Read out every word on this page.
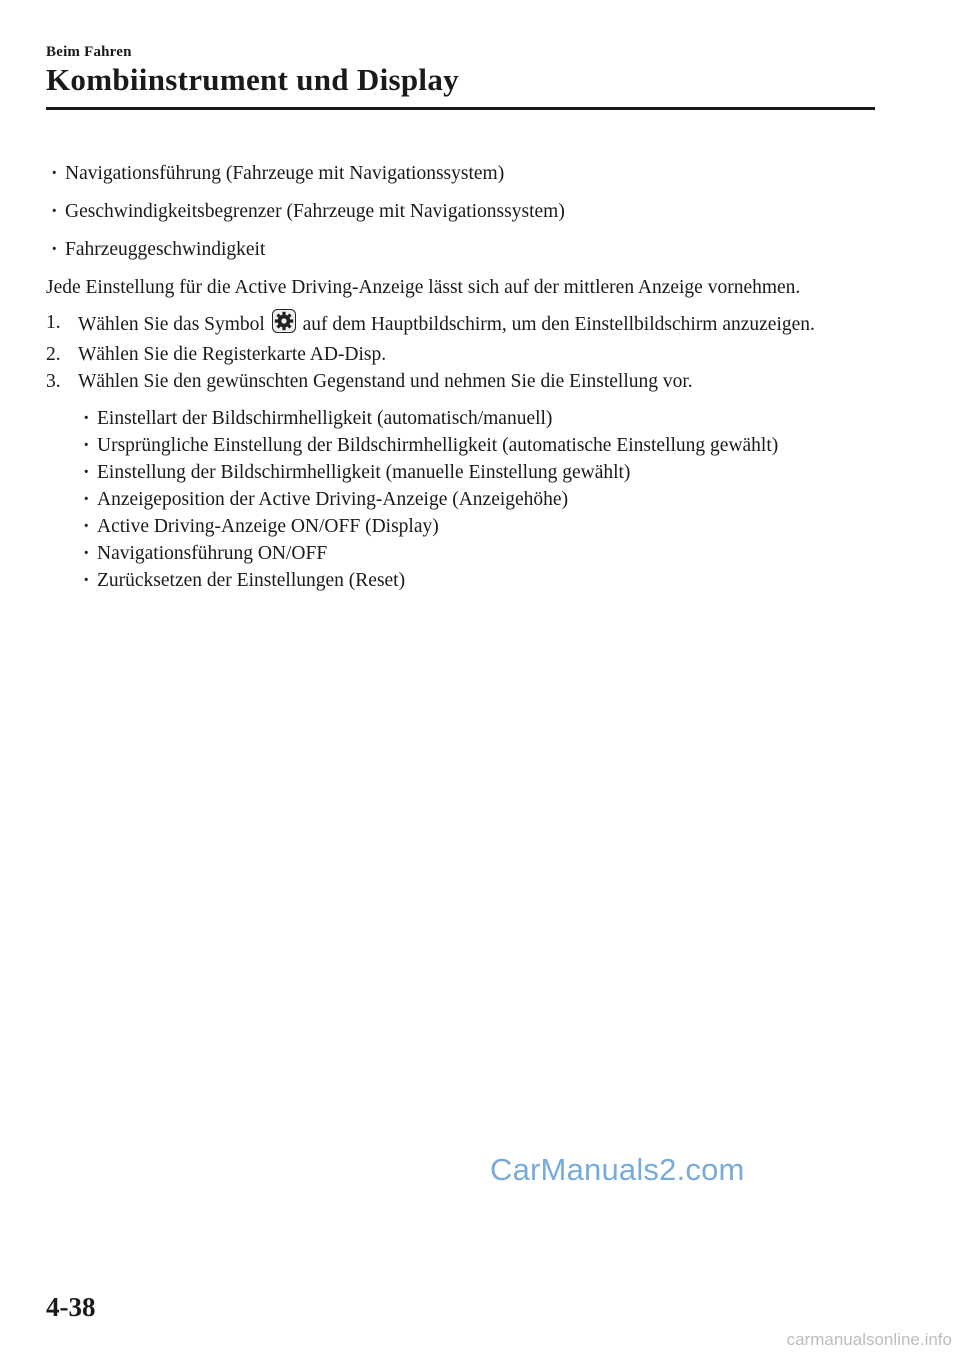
Beim Fahren
Kombiinstrument und Display
· Navigationsführung (Fahrzeuge mit Navigationssystem)
· Geschwindigkeitsbegrenzer (Fahrzeuge mit Navigationssystem)
· Fahrzeuggeschwindigkeit

Jede Einstellung für die Active Driving-Anzeige lässt sich auf der mittleren Anzeige vornehmen.

1. Wählen Sie das Symbol  auf dem Hauptbildschirm, um den Einstellbildschirm anzuzeigen.
2. Wählen Sie die Registerkarte AD-Disp.
3. Wählen Sie den gewünschten Gegenstand und nehmen Sie die Einstellung vor.
· Einstellart der Bildschirmhelligkeit (automatisch/manuell)
· Ursprüngliche Einstellung der Bildschirmhelligkeit (automatische Einstellung gewählt)
· Einstellung der Bildschirmhelligkeit (manuelle Einstellung gewählt)
· Anzeigeposition der Active Driving-Anzeige (Anzeigehöhe)
· Active Driving-Anzeige ON/OFF (Display)
· Navigationsführung ON/OFF
· Zurücksetzen der Einstellungen (Reset)
CarManuals2.com
4-38
carmanualsonline.info
